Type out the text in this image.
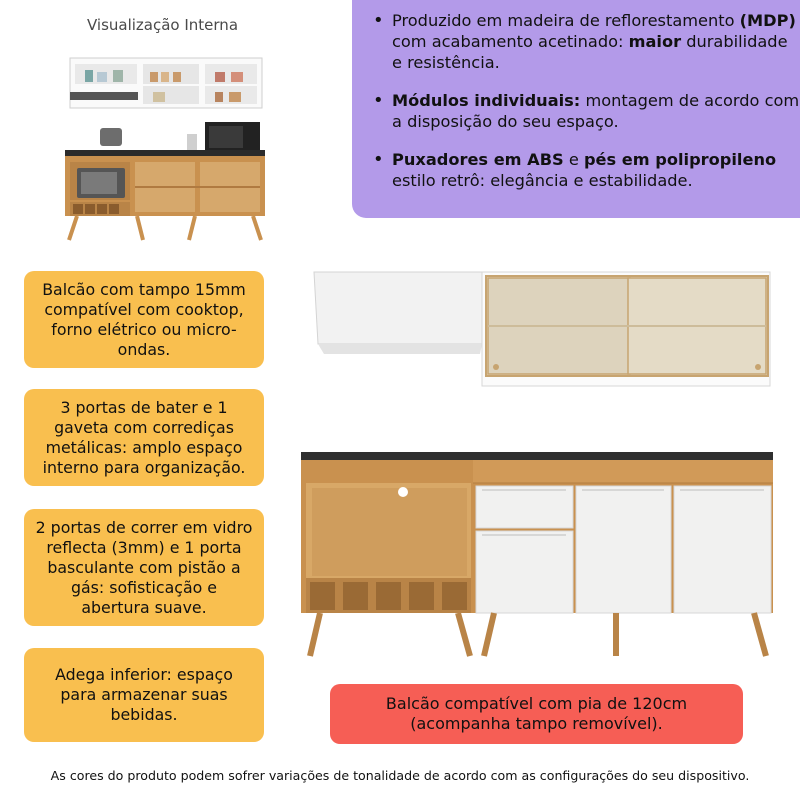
Visualização Interna
•	Produzido em madeira de reflorestamento (MDP) com acabamento acetinado: maior durabilidade e resistência.
• Módulos individuais: montagem de acordo com a disposição do seu espaço.
• Puxadores em ABS e pés em polipropileno estilo retrô: elegância e estabilidade.
Balcão com tampo 15mm
compatível com cooktop,
forno elétrico ou micro-
ondas.
3 portas de bater e 1
gaveta com corrediças
metálicas: amplo espaço
interno para organização.
2 portas de correr em vidro
reflecta (3mm) e 1 porta
basculante com pistão a
gás: sofisticação e
abertura suave.
Adega inferior: espaço
para armazenar suas
bebidas.
Balcão compatível com pia de 120cm
(acompanha tampo removível).
As cores do produto podem sofrer variações de tonalidade de acordo com as configurações do seu dispositivo.
